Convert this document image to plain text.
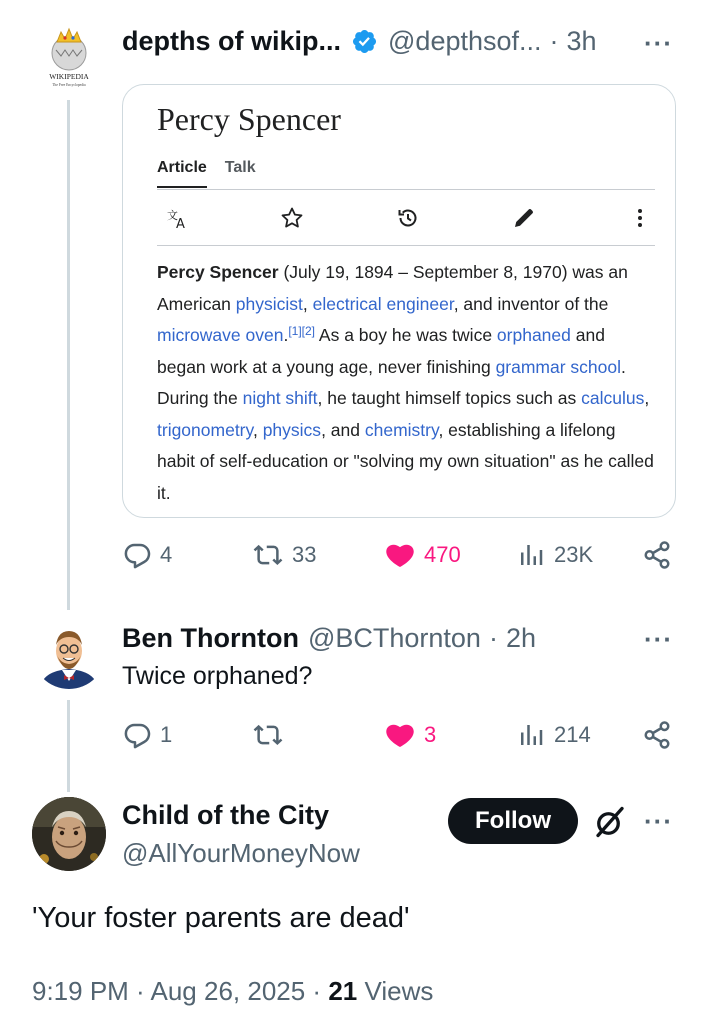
WIKIPEDIA
The Free Encyclopedia
depths of wikip... @depthsof... · 3h ···
Percy Spencer
Article Talk
文
A
Percy Spencer (July 19, 1894 – September 8, 1970) was an American physicist, electrical engineer, and inventor of the microwave oven.[1][2] As a boy he was twice orphaned and began work at a young age, never finishing grammar school. During the night shift, he taught himself topics such as calculus, trigonometry, physics, and chemistry, establishing a lifelong habit of self-education or "solving my own situation" as he called it.
4	33	470	23K
Ben Thornton @BCThornton · 2h	···
Twice orphaned?
1	3	214
Child of the City
@AllYourMoneyNow
Follow	···
'Your foster parents are dead'
9:19 PM · Aug 26, 2025 · 21 Views
